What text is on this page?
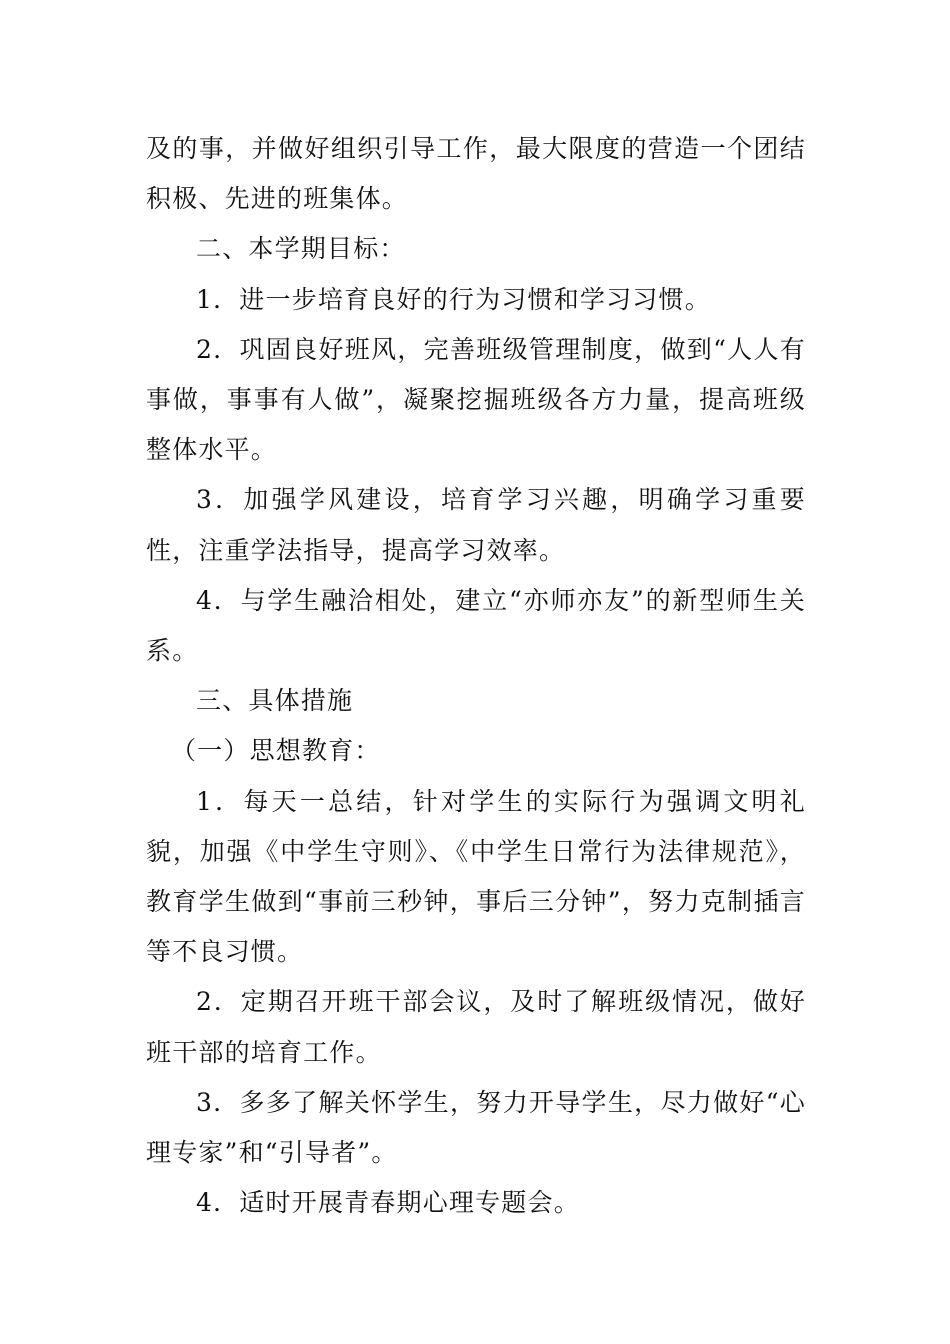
及的事，并做好组织引导工作，最大限度的营造一个团结积极、先进的班集体。

二、本学期目标：

1．进一步培育良好的行为习惯和学习习惯。

2．巩固良好班风，完善班级管理制度，做到“人人有事做，事事有人做”，凝聚挖掘班级各方力量，提高班级整体水平。

3．加强学风建设，培育学习兴趣，明确学习重要性，注重学法指导，提高学习效率。

4．与学生融洽相处，建立“亦师亦友”的新型师生关系。

三、具体措施

（一）思想教育：

1．每天一总结，针对学生的实际行为强调文明礼貌，加强《中学生守则》、《中学生日常行为法律规范》，教育学生做到“事前三秒钟，事后三分钟”，努力克制插言等不良习惯。

2．定期召开班干部会议，及时了解班级情况，做好班干部的培育工作。

3．多多了解关怀学生，努力开导学生，尽力做好“心理专家”和“引导者”。

4．适时开展青春期心理专题会。
